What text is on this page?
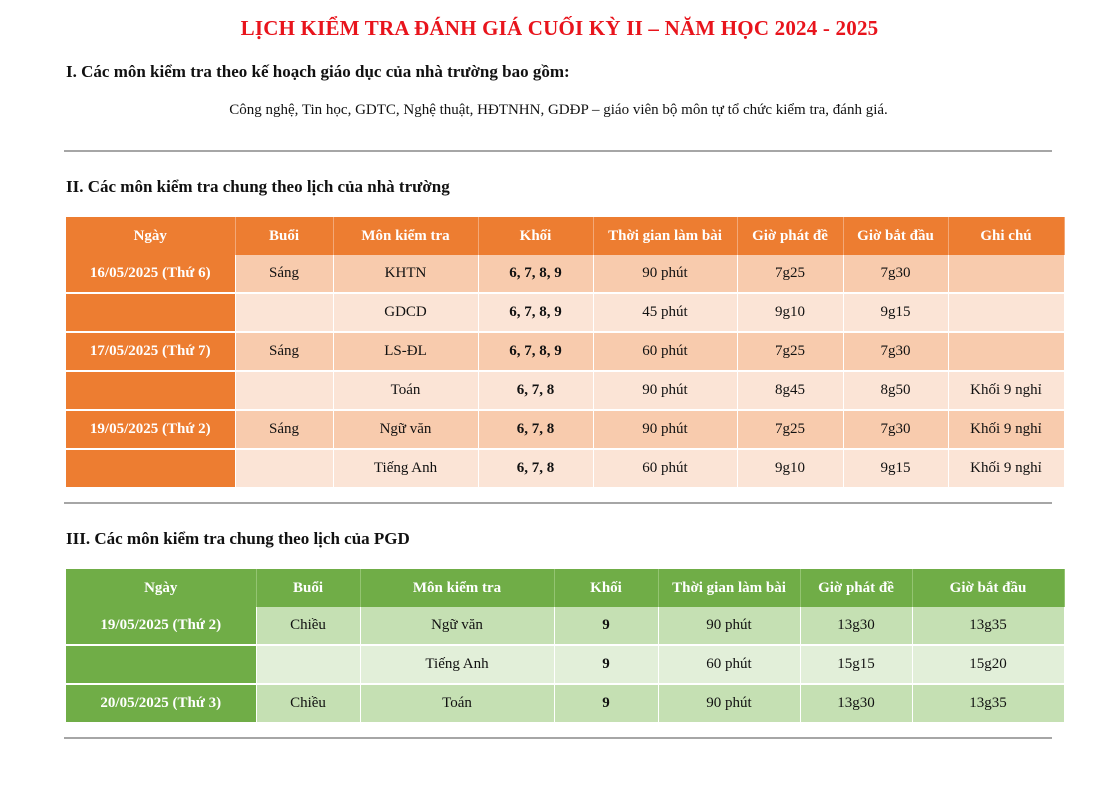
LỊCH KIỂM TRA ĐÁNH GIÁ CUỐI KỲ II – NĂM HỌC 2024 - 2025
I. Các môn kiểm tra theo kế hoạch giáo dục của nhà trường bao gồm:
Công nghệ, Tin học, GDTC, Nghệ thuật, HĐTNHN, GDĐP – giáo viên bộ môn tự tổ chức kiểm tra, đánh giá.
II. Các môn kiểm tra chung theo lịch của nhà trường
Ngày	Buổi	Môn kiểm tra	Khối	Thời gian làm bài	Giờ phát đề	Giờ bắt đầu	Ghi chú
16/05/2025 (Thứ 6)	Sáng	KHTN	6, 7, 8, 9	90 phút	7g25	7g30	
		GDCD	6, 7, 8, 9	45 phút	9g10	9g15	
17/05/2025 (Thứ 7)	Sáng	LS-ĐL	6, 7, 8, 9	60 phút	7g25	7g30	
		Toán	6, 7, 8	90 phút	8g45	8g50	Khối 9 nghỉ
19/05/2025 (Thứ 2)	Sáng	Ngữ văn	6, 7, 8	90 phút	7g25	7g30	Khối 9 nghỉ
		Tiếng Anh	6, 7, 8	60 phút	9g10	9g15	Khối 9 nghỉ
III. Các môn kiểm tra chung theo lịch của PGD
Ngày	Buổi	Môn kiểm tra	Khối	Thời gian làm bài	Giờ phát đề	Giờ bắt đầu
19/05/2025 (Thứ 2)	Chiều	Ngữ văn	9	90 phút	13g30	13g35
		Tiếng Anh	9	60 phút	15g15	15g20
20/05/2025 (Thứ 3)	Chiều	Toán	9	90 phút	13g30	13g35
